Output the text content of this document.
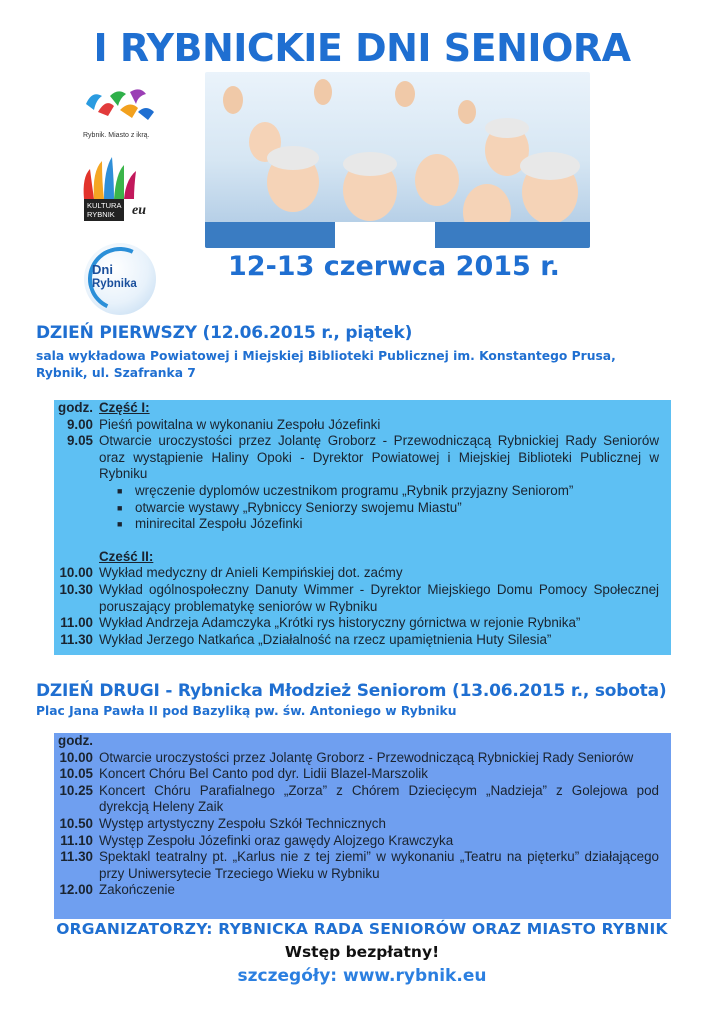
I RYBNICKIE DNI SENIORA
Rybnik. Miasto z ikrą.
KULTURA
RYBNIK	eu
Dni
Rybnika
12-13 czerwca 2015 r.
DZIEŃ PIERWSZY (12.06.2015 r., piątek)
sala wykładowa Powiatowej i Miejskiej Biblioteki Publicznej im. Konstantego Prusa,
Rybnik, ul. Szafranka 7
godz. Część I:
9.00 Pieśń powitalna w wykonaniu Zespołu Józefinki
9.05 Otwarcie uroczystości przez Jolantę Groborz - Przewodniczącą Rybnickiej Rady Seniorów oraz wystąpienie Haliny Opoki - Dyrektor Powiatowej i Miejskiej Biblioteki Publicznej w Rybniku
■ wręczenie dyplomów uczestnikom programu „Rybnik przyjazny Seniorom”
■ otwarcie wystawy „Rybniccy Seniorzy swojemu Miastu”
■ minirecital Zespołu Józefinki
Cześć II:
10.00 Wykład medyczny dr Anieli Kempińskiej dot. zaćmy
10.30 Wykład ogólnospołeczny Danuty Wimmer - Dyrektor Miejskiego Domu Pomocy Społecznej poruszający problematykę seniorów w Rybniku
11.00 Wykład Andrzeja Adamczyka „Krótki rys historyczny górnictwa w rejonie Rybnika”
11.30 Wykład Jerzego Natkańca „Działalność na rzecz upamiętnienia Huty Silesia”
DZIEŃ DRUGI - Rybnicka Młodzież Seniorom (13.06.2015 r., sobota)
Plac Jana Pawła II pod Bazyliką pw. św. Antoniego w Rybniku
godz.
10.00 Otwarcie uroczystości przez Jolantę Groborz - Przewodniczącą Rybnickiej Rady Seniorów
10.05 Koncert Chóru Bel Canto pod dyr. Lidii Blazel-Marszolik
10.25 Koncert Chóru Parafialnego „Zorza” z Chórem Dziecięcym „Nadzieja” z Golejowa pod dyrekcją Heleny Zaik
10.50 Występ artystyczny Zespołu Szkół Technicznych
11.10 Występ Zespołu Józefinki oraz gawędy Alojzego Krawczyka
11.30 Spektakl teatralny pt. „Karlus nie z tej ziemi” w wykonaniu „Teatru na pięterku” działającego przy Uniwersytecie Trzeciego Wieku w Rybniku
12.00 Zakończenie
ORGANIZATORZY: RYBNICKA RADA SENIORÓW ORAZ MIASTO RYBNIK
Wstęp bezpłatny!
szczegóły: www.rybnik.eu
